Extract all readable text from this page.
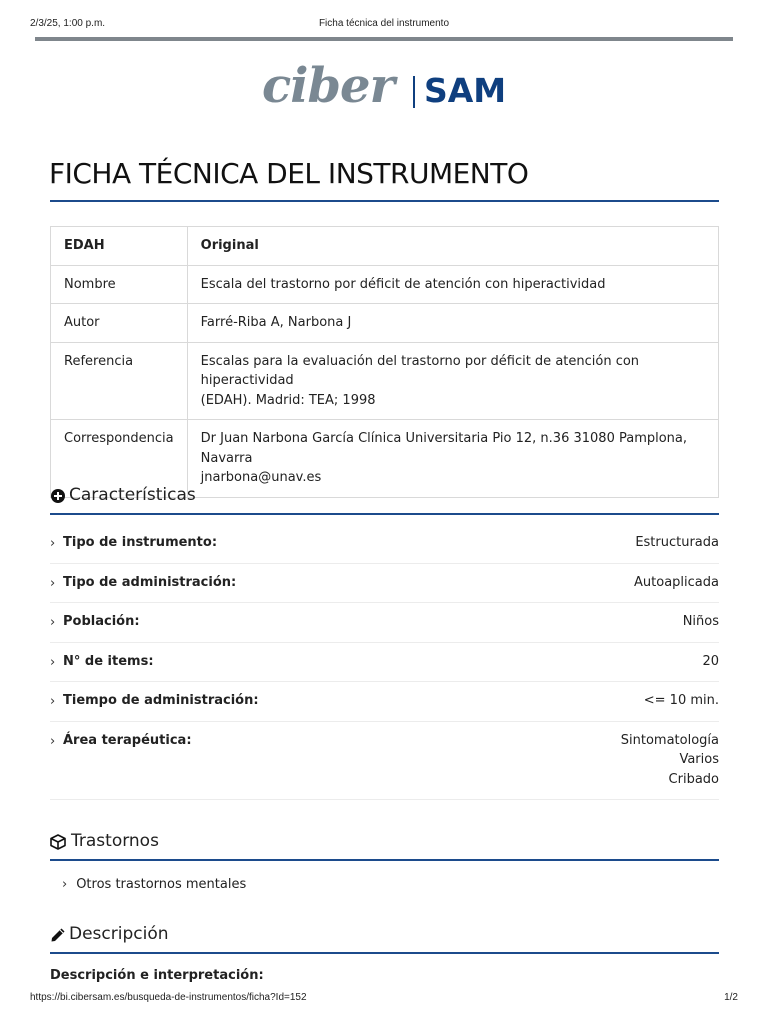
2/3/25, 1:00 p.m.	Ficha técnica del instrumento
ciber SAM
FICHA TÉCNICA DEL INSTRUMENTO
EDAH	Original
Nombre	Escala del trastorno por déficit de atención con hiperactividad

Autor	Farré-Riba A, Narbona J

Referencia	Escalas para la evaluación del trastorno por déficit de atención con hiperactividad
(EDAH). Madrid: TEA; 1998

Correspondencia	Dr Juan Narbona García Clínica Universitaria Pio 12, n.36 31080 Pamplona,
Navarra
jnarbona@unav.es
Características
› Tipo de instrumento:	Estructurada
› Tipo de administración:	Autoaplicada
› Población:	Niños
› N° de items:	20
› Tiempo de administración:	<= 10 min.
› Área terapéutica:	Sintomatología
Varios
Cribado
Trastornos
› Otros trastornos mentales
Descripción
Descripción e interpretación:
https://bi.cibersam.es/busqueda-de-instrumentos/ficha?Id=152	1/2
